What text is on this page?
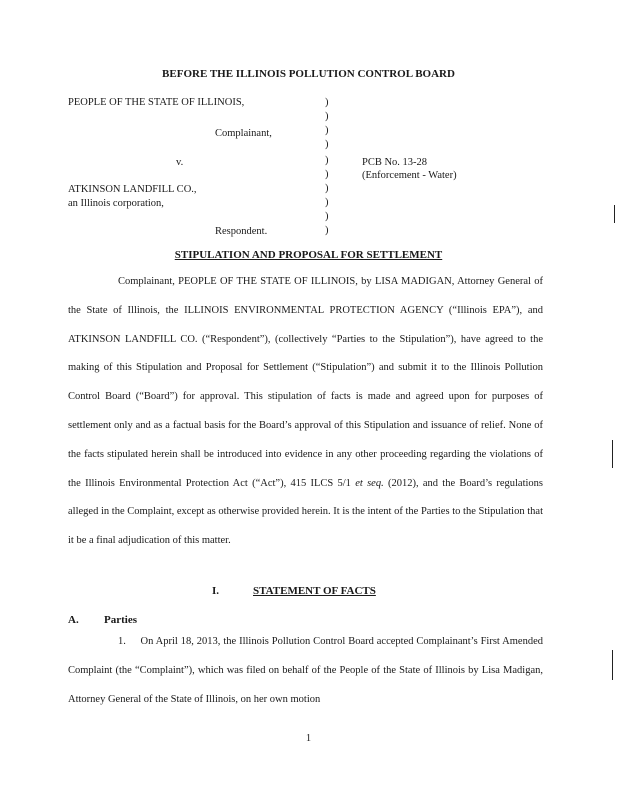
BEFORE THE ILLINOIS POLLUTION CONTROL BOARD
PEOPLE OF THE STATE OF ILLINOIS,
Complainant,
v.
ATKINSON LANDFILL CO.,
an Illinois corporation,
Respondent.
PCB No. 13-28
(Enforcement - Water)
)
)
)
)
)
)
)
)
)
)
STIPULATION AND PROPOSAL FOR SETTLEMENT

Complainant, PEOPLE OF THE STATE OF ILLINOIS, by LISA MADIGAN, Attorney General of the State of Illinois, the ILLINOIS ENVIRONMENTAL PROTECTION AGENCY (“Illinois EPA”), and ATKINSON LANDFILL CO. (“Respondent”), (collectively “Parties to the Stipulation”), have agreed to the making of this Stipulation and Proposal for Settlement (“Stipulation”) and submit it to the Illinois Pollution Control Board (“Board”) for approval. This stipulation of facts is made and agreed upon for purposes of settlement only and as a factual basis for the Board’s approval of this Stipulation and issuance of relief. None of the facts stipulated herein shall be introduced into evidence in any other proceeding regarding the violations of the Illinois Environmental Protection Act (“Act”), 415 ILCS 5/1 et seq. (2012), and the Board’s regulations alleged in the Complaint, except as otherwise provided herein. It is the intent of the Parties to the Stipulation that it be a final adjudication of this matter.

I.	STATEMENT OF FACTS
A. Parties

1. On April 18, 2013, the Illinois Pollution Control Board accepted Complainant’s First Amended Complaint (the “Complaint”), which was filed on behalf of the People of the State of Illinois by Lisa Madigan, Attorney General of the State of Illinois, on her own motion

1
